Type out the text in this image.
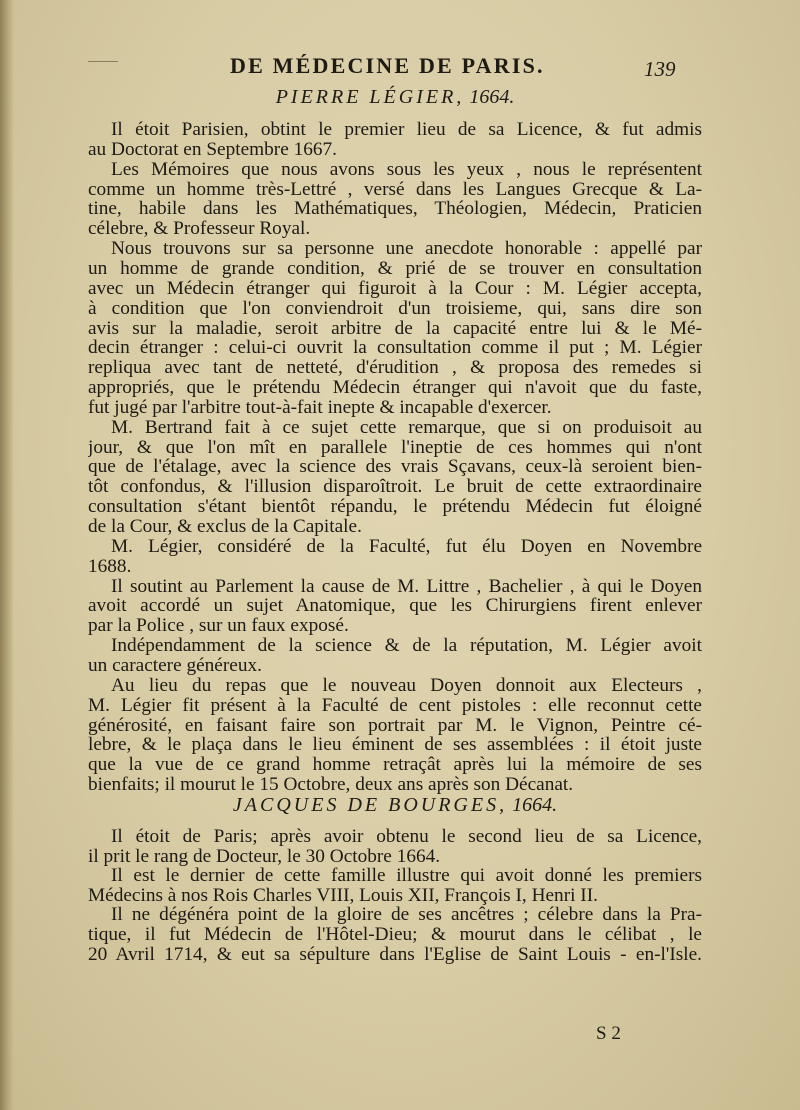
DE MÉDECINE DE PARIS.	139
PIERRE LÉGIER, 1664.
Il étoit Parisien, obtint le premier lieu de sa Licence, & fut admis
au Doctorat en Septembre 1667.
Les Mémoires que nous avons sous les yeux , nous le représentent
comme un homme très-Lettré , versé dans les Langues Grecque & La-
tine, habile dans les Mathématiques, Théologien, Médecin, Praticien
célebre, & Professeur Royal.
Nous trouvons sur sa personne une anecdote honorable : appellé par
un homme de grande condition, & prié de se trouver en consultation
avec un Médecin étranger qui figuroit à la Cour : M. Légier accepta,
à condition que l'on conviendroit d'un troisieme, qui, sans dire son
avis sur la maladie, seroit arbitre de la capacité entre lui & le Mé-
decin étranger : celui-ci ouvrit la consultation comme il put ; M. Légier
repliqua avec tant de netteté, d'érudition , & proposa des remedes si
appropriés, que le prétendu Médecin étranger qui n'avoit que du faste,
fut jugé par l'arbitre tout-à-fait inepte & incapable d'exercer.
M. Bertrand fait à ce sujet cette remarque, que si on produisoit au
jour, & que l'on mît en parallele l'ineptie de ces hommes qui n'ont
que de l'étalage, avec la science des vrais Sçavans, ceux-là seroient bien-
tôt confondus, & l'illusion disparoîtroit. Le bruit de cette extraordinaire
consultation s'étant bientôt répandu, le prétendu Médecin fut éloigné
de la Cour, & exclus de la Capitale.
M. Légier, considéré de la Faculté, fut élu Doyen en Novembre
1688.
Il soutint au Parlement la cause de M. Littre , Bachelier , à qui le Doyen
avoit accordé un sujet Anatomique, que les Chirurgiens firent enlever
par la Police , sur un faux exposé.
Indépendamment de la science & de la réputation, M. Légier avoit
un caractere généreux.
Au lieu du repas que le nouveau Doyen donnoit aux Electeurs ,
M. Légier fit présent à la Faculté de cent pistoles : elle reconnut cette
générosité, en faisant faire son portrait par M. le Vignon, Peintre cé-
lebre, & le plaça dans le lieu éminent de ses assemblées : il étoit juste
que la vue de ce grand homme retraçât après lui la mémoire de ses
bienfaits; il mourut le 15 Octobre, deux ans après son Décanat.
JACQUES DE BOURGES, 1664.
Il étoit de Paris; après avoir obtenu le second lieu de sa Licence,
il prit le rang de Docteur, le 30 Octobre 1664.
Il est le dernier de cette famille illustre qui avoit donné les premiers
Médecins à nos Rois Charles VIII, Louis XII, François I, Henri II.
Il ne dégénéra point de la gloire de ses ancêtres ; célebre dans la Pra-
tique, il fut Médecin de l'Hôtel-Dieu; & mourut dans le célibat , le
20 Avril 1714, & eut sa sépulture dans l'Eglise de Saint Louis - en-l'Isle.
S 2
